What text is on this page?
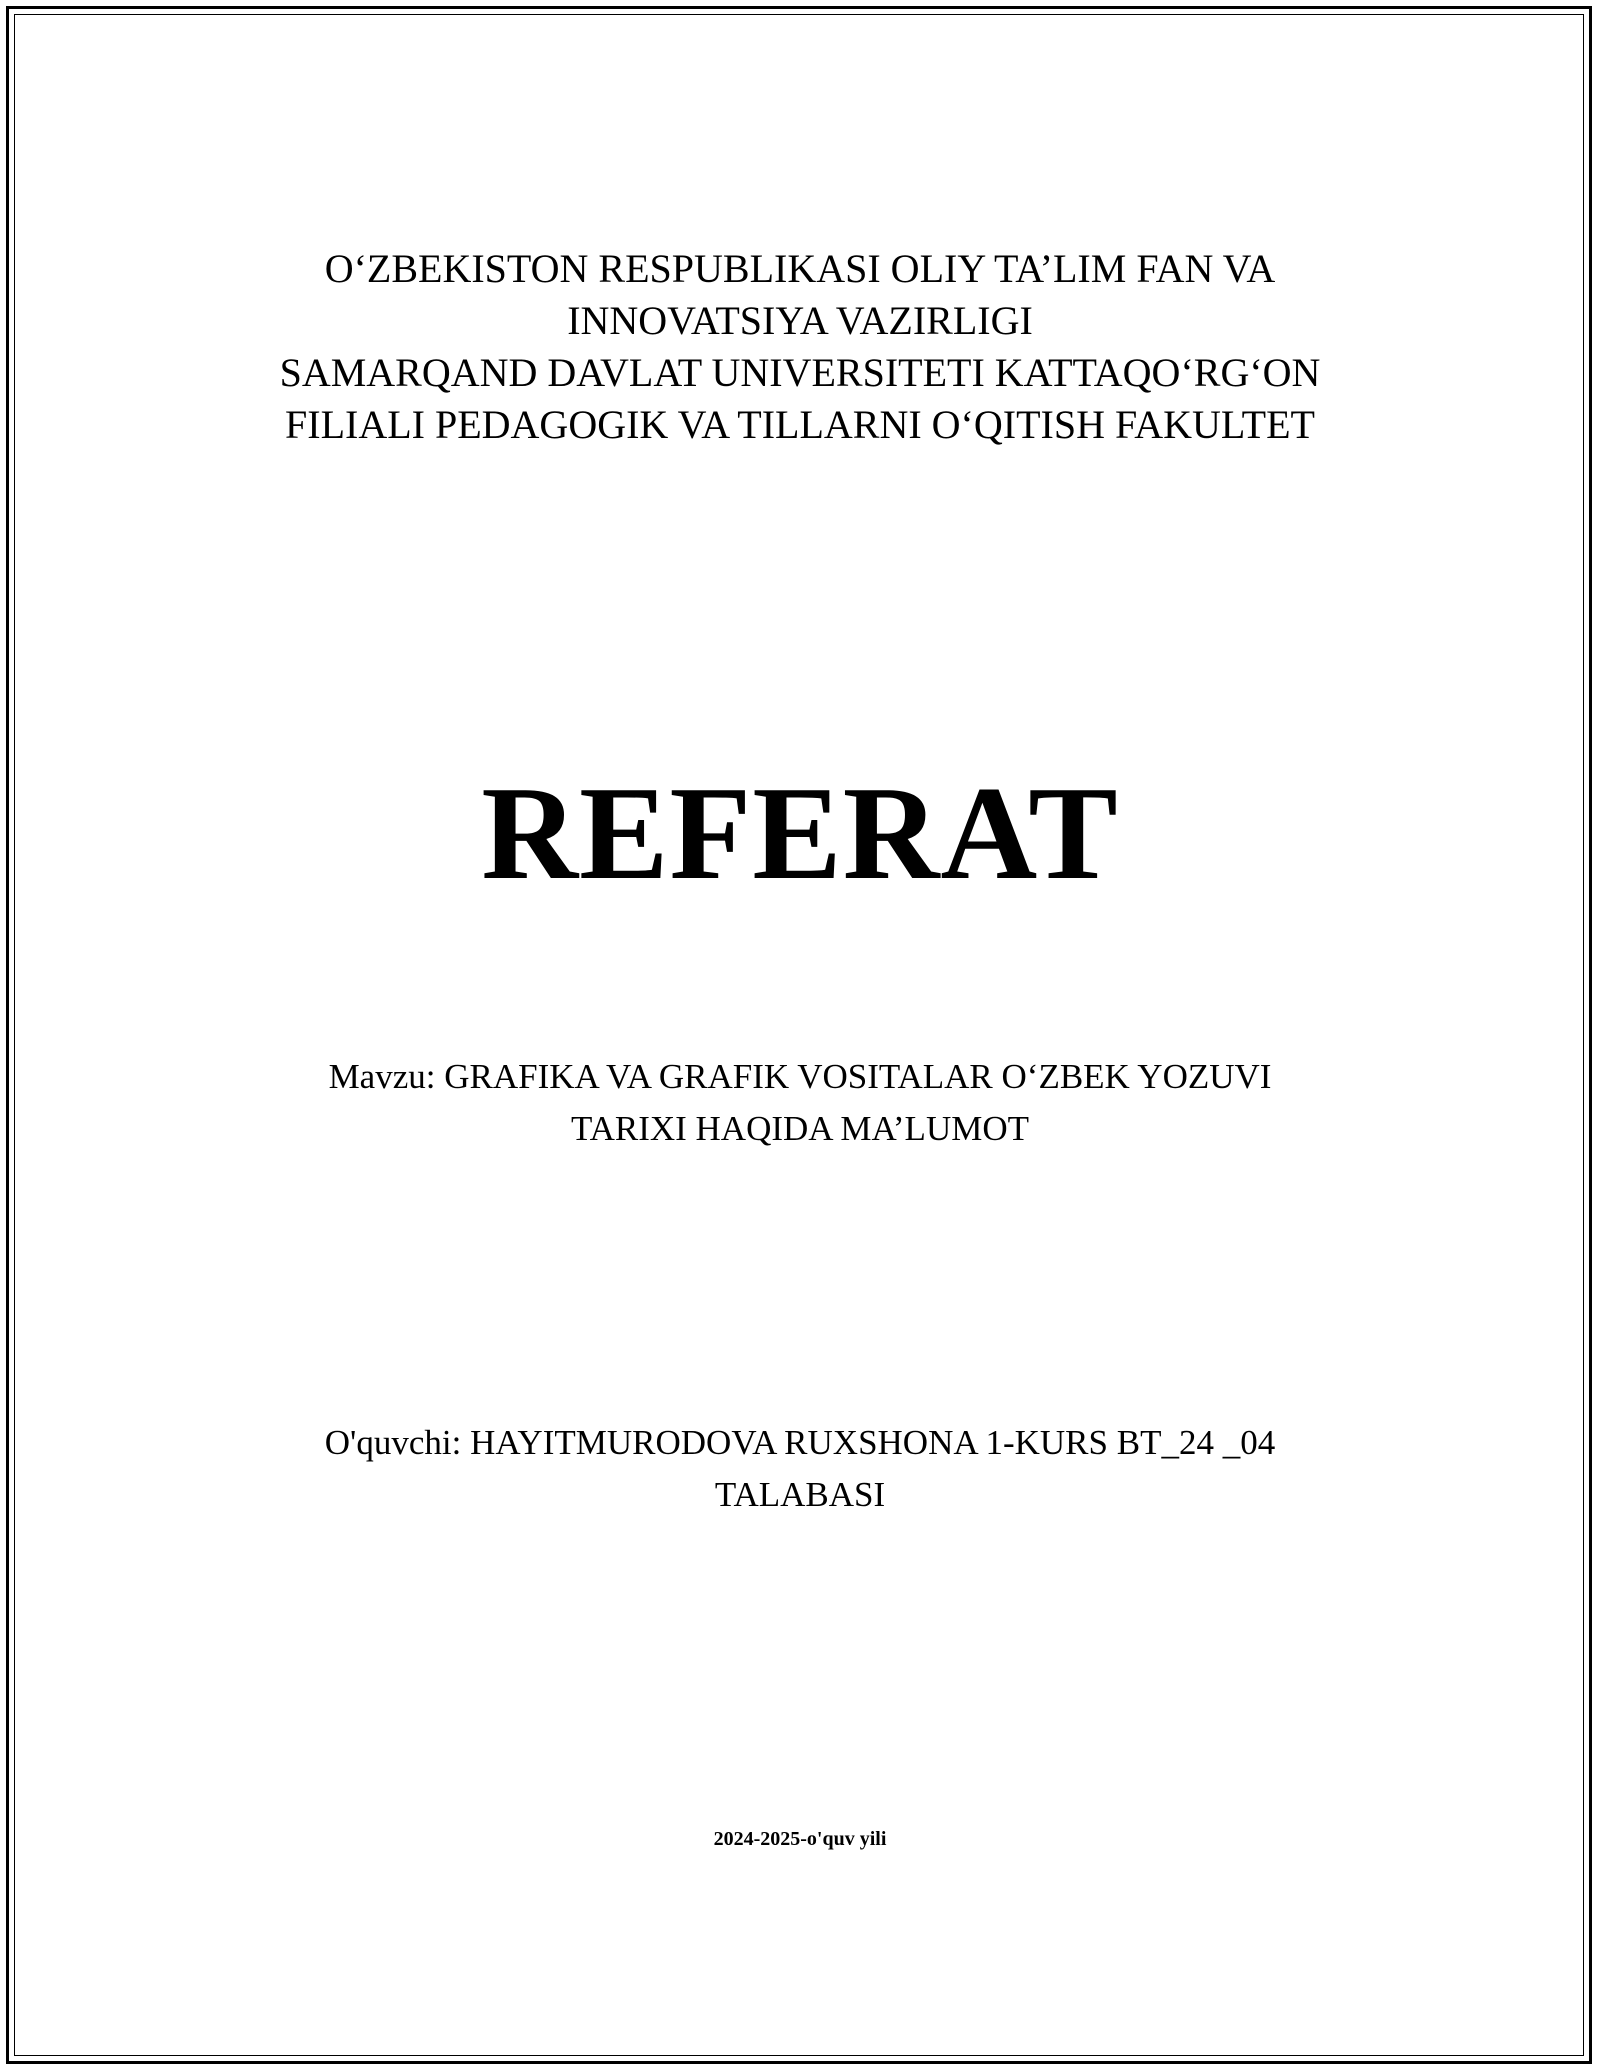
O‘ZBEKISTON RESPUBLIKASI OLIY TA’LIM FAN VA
INNOVATSIYA VAZIRLIGI
SAMARQAND DAVLAT UNIVERSITETI KATTAQO‘RG‘ON
FILIALI PEDAGOGIK VA TILLARNI O‘QITISH FAKULTET
REFERAT
Mavzu: GRAFIKA VA GRAFIK VOSITALAR O‘ZBEK YOZUVI
TARIXI HAQIDA MA’LUMOT
O'quvchi: HAYITMURODOVA RUXSHONA 1-KURS BT_24 _04
TALABASI
2024-2025-o'quv yili
